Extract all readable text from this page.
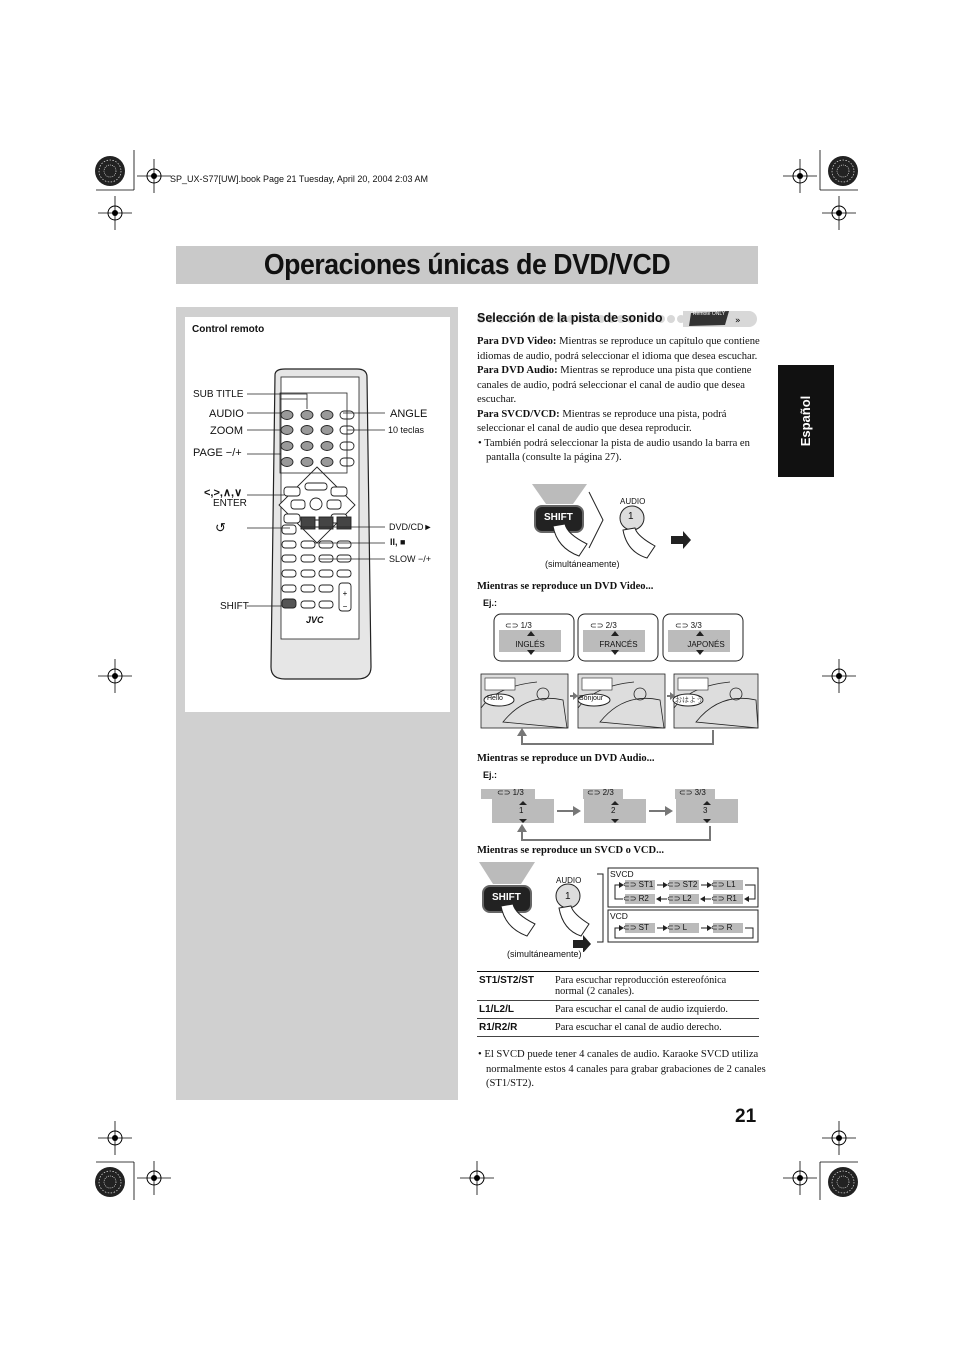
SP_UX-S77[UW].book Page 21 Tuesday, April 20, 2004 2:03 AM
Operaciones únicas de DVD/VCD
Español
Control remoto
+
−
SUB TITLE
AUDIO
ZOOM
PAGE −/+
<,>,∧,∨
ENTER
↺
SHIFT
ANGLE
10 teclas
DVD/CD►
II, ■
SLOW −/+
JVC
»
Selección de la pista de sonido	Remote ONLY
Para DVD Video: Mientras se reproduce un capítulo que contiene idiomas de audio, podrá seleccionar el idioma que desea escuchar.
Para DVD Audio: Mientras se reproduce una pista que contiene canales de audio, podrá seleccionar el canal de audio que desea escuchar.
Para SVCD/VCD: Mientras se reproduce una pista, podrá seleccionar el canal de audio que desea reproducir.
• También podrá seleccionar la pista de audio usando la barra en pantalla (consulte la página 27).
SHIFT
AUDIO
1
(simultáneamente)
Mientras se reproduce un DVD Video...
Ej.:
⊂⊃ 1/3
INGLÉS
⊂⊃ 2/3
FRANCÉS
⊂⊃ 3/3
JAPONÉS
Hello	Bonjour	おはよう
Mientras se reproduce un DVD Audio...
Ej.:
⊂⊃ 1/3
1
⊂⊃ 2/3
2
⊂⊃ 3/3
3
Mientras se reproduce un SVCD o VCD...
SHIFT
AUDIO
1
(simultáneamente)
SVCD
⊂⊃ ST1 ⊂⊃ ST2 ⊂⊃ L1
⊂⊃ R2 ⊂⊃ L2 ⊂⊃ R1
VCD
⊂⊃ ST ⊂⊃ L	⊂⊃ R
ST1/ST2/ST	Para escuchar reproducción estereofónica normal (2 canales).
L1/L2/L	Para escuchar el canal de audio izquierdo.
R1/R2/R	Para escuchar el canal de audio derecho.
• El SVCD puede tener 4 canales de audio. Karaoke SVCD utiliza normalmente estos 4 canales para grabar grabaciones de 2 canales (ST1/ST2).
21
